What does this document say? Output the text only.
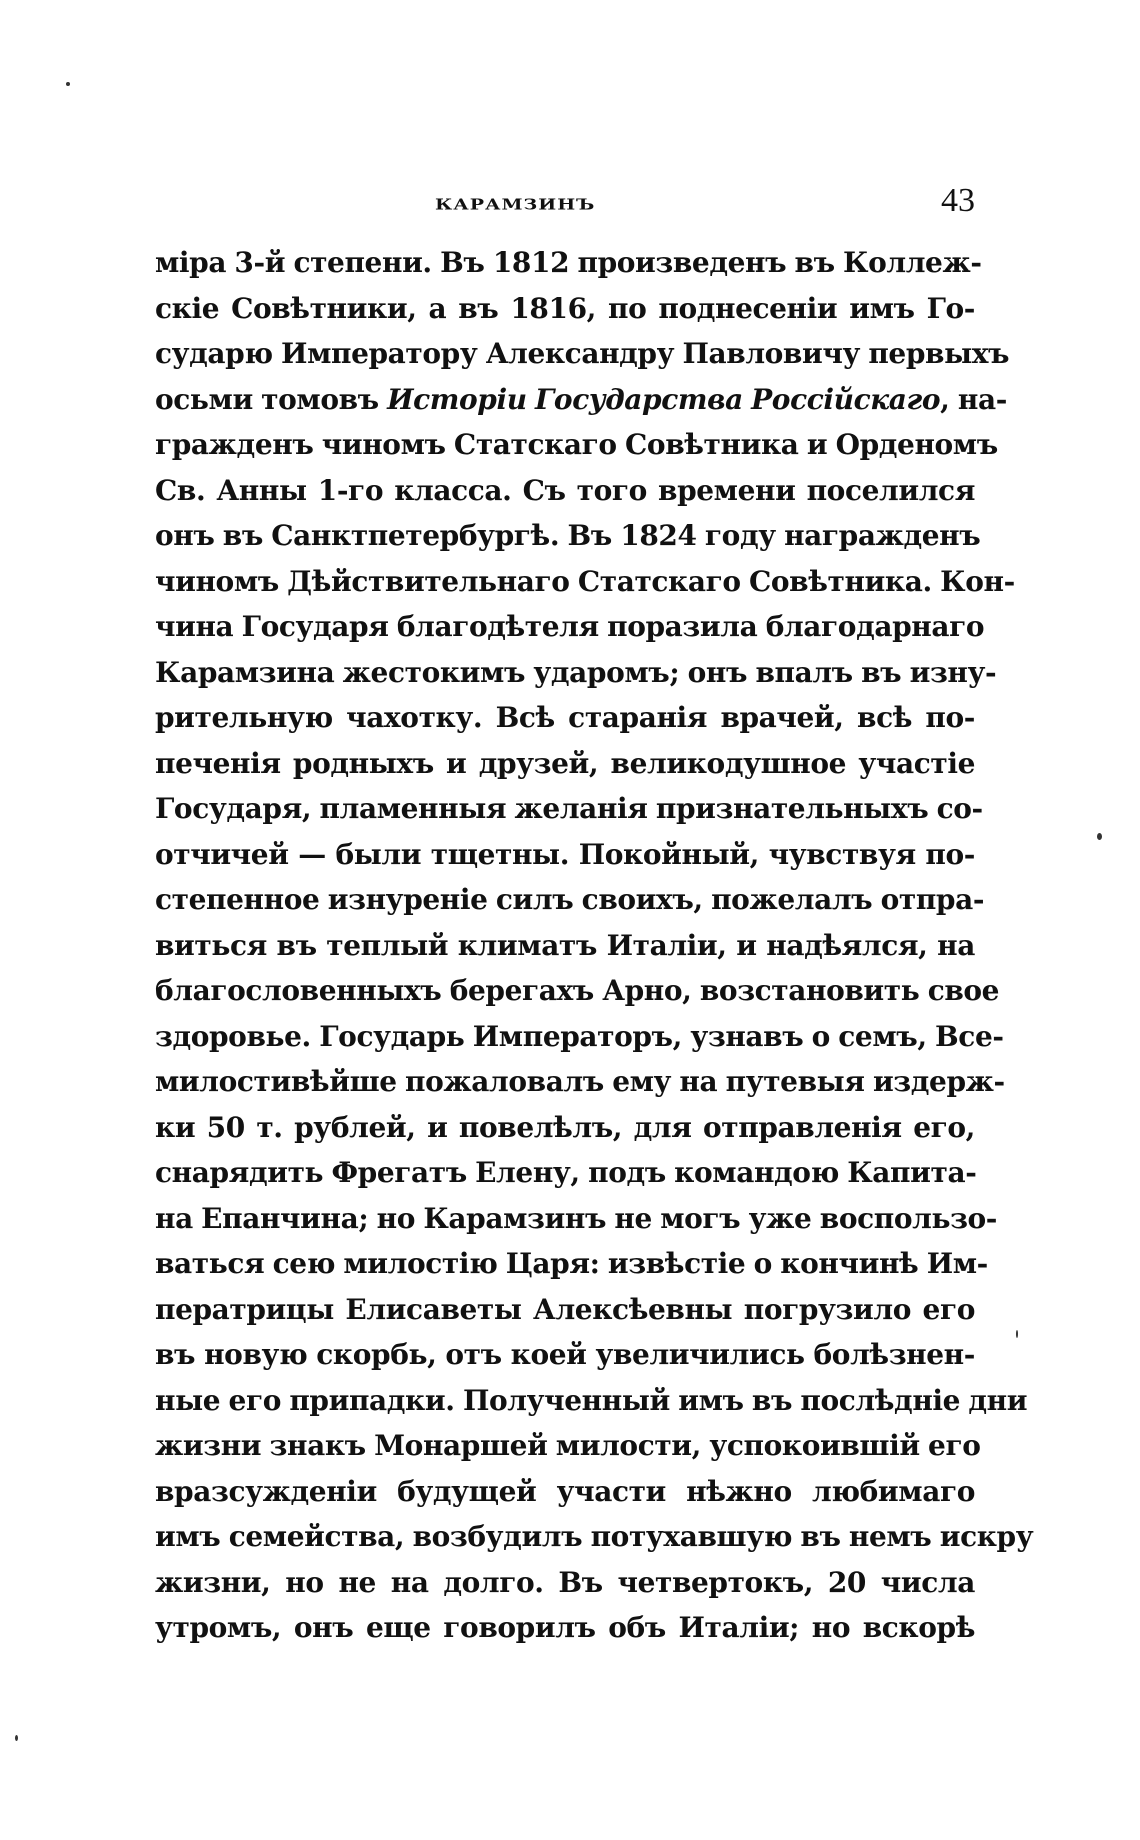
КАРАМЗИНЪ	43
міра 3-й степени. Въ 1812 произведенъ въ Коллеж-
скіе Совѣтники, а въ 1816, по поднесеніи имъ Го-
сударю Императору Александру Павловичу первыхъ
осьми томовъ Исторіи Государства Россійскаго, на-
гражденъ чиномъ Статскаго Совѣтника и Орденомъ
Св. Анны 1-го класса. Съ того времени поселился
онъ въ Санктпетербургѣ. Въ 1824 году награжденъ
чиномъ Дѣйствительнаго Статскаго Совѣтника. Кон-
чина Государя благодѣтеля поразила благодарнаго
Карамзина жестокимъ ударомъ; онъ впалъ въ изну-
рительную чахотку. Всѣ старанія врачей, всѣ по-
печенія родныхъ и друзей, великодушное участіе
Государя, пламенныя желанія признательныхъ со-
отчичей — были тщетны. Покойный, чувствуя по-
степенное изнуреніе силъ своихъ, пожелалъ отпра-
виться въ теплый климатъ Италіи, и надѣялся, на
благословенныхъ берегахъ Арно, возстановить свое
здоровье. Государь Императоръ, узнавъ о семъ, Все-
милостивѣйше пожаловалъ ему на путевыя издерж-
ки 50 т. рублей, и повелѣлъ, для отправленія его,
снарядить Фрегатъ Елену, подъ командою Капита-
на Епанчина; но Карамзинъ не могъ уже воспользо-
ваться сею милостію Царя: извѣстіе о кончинѣ Им-
ператрицы Елисаветы Алексѣевны погрузило его
въ новую скорбь, отъ коей увеличились болѣзнен-
ные его припадки. Полученный имъ въ послѣдніе дни
жизни знакъ Монаршей милости, успокоившій его
вразсужденіи будущей участи нѣжно любимаго
имъ семейства, возбудилъ потухавшую въ немъ искру
жизни, но не на долго. Въ четвертокъ, 20 числа
утромъ, онъ еще говорилъ объ Италіи; но вскорѣ
